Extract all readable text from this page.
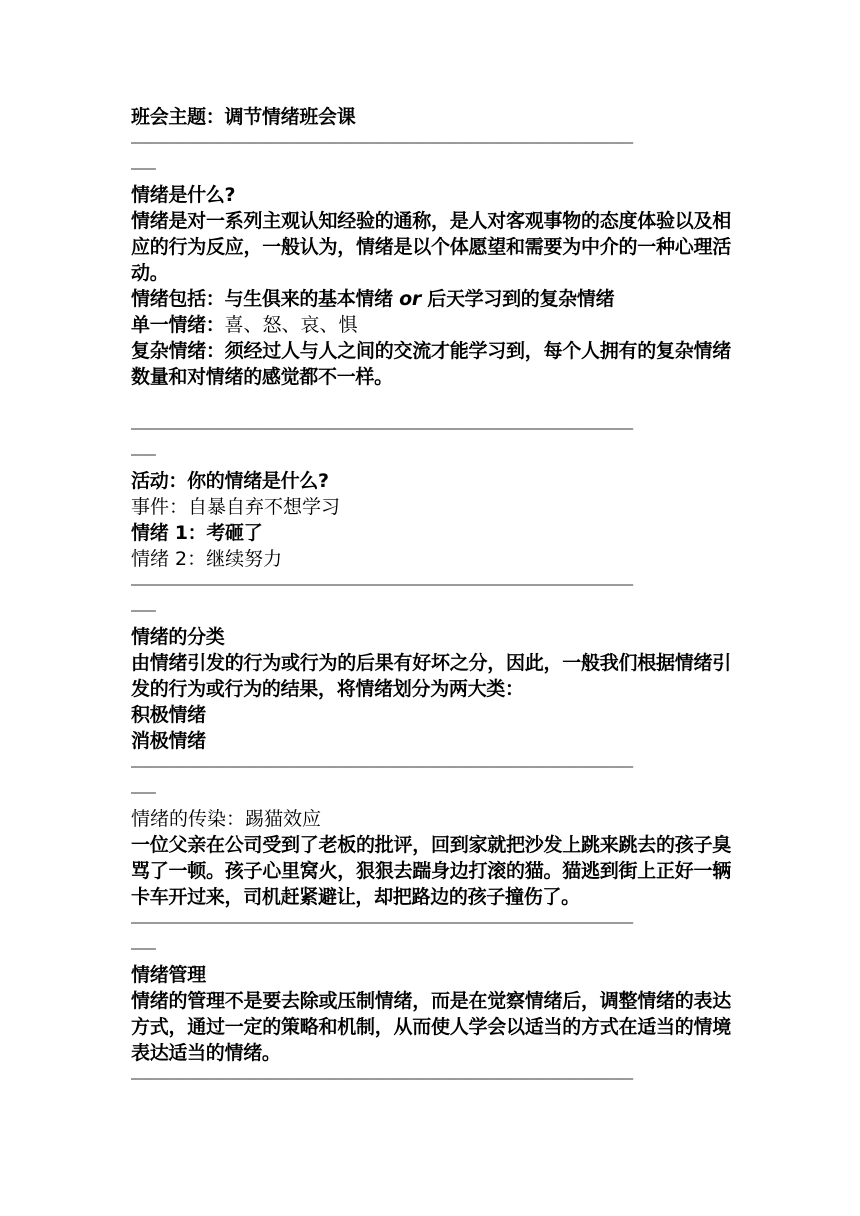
班会主题：调节情绪班会课
—————————————————————————————————————————————————————————————
———
情绪是什么?
情绪是对一系列主观认知经验的通称，是人对客观事物的态度体验以及相应的行为反应，一般认为，情绪是以个体愿望和需要为中介的一种心理活动。
情绪包括：与生俱来的基本情绪 or 后天学习到的复杂情绪
单一情绪：喜、怒、哀、惧
复杂情绪：须经过人与人之间的交流才能学习到，每个人拥有的复杂情绪数量和对情绪的感觉都不一样。
—————————————————————————————————————————————————————————————
———
活动：你的情绪是什么?
事件：自暴自弃不想学习
情绪 1：考砸了
情绪 2：继续努力
—————————————————————————————————————————————————————————————
———
情绪的分类
由情绪引发的行为或行为的后果有好坏之分，因此，一般我们根据情绪引发的行为或行为的结果，将情绪划分为两大类：
积极情绪
消极情绪
—————————————————————————————————————————————————————————————
———
情绪的传染：踢猫效应
一位父亲在公司受到了老板的批评，回到家就把沙发上跳来跳去的孩子臭骂了一顿。孩子心里窝火，狠狠去踹身边打滚的猫。猫逃到街上正好一辆卡车开过来，司机赶紧避让，却把路边的孩子撞伤了。
—————————————————————————————————————————————————————————————
———
情绪管理
情绪的管理不是要去除或压制情绪，而是在觉察情绪后，调整情绪的表达方式，通过一定的策略和机制，从而使人学会以适当的方式在适当的情境表达适当的情绪。
—————————————————————————————————————————————————————————————
